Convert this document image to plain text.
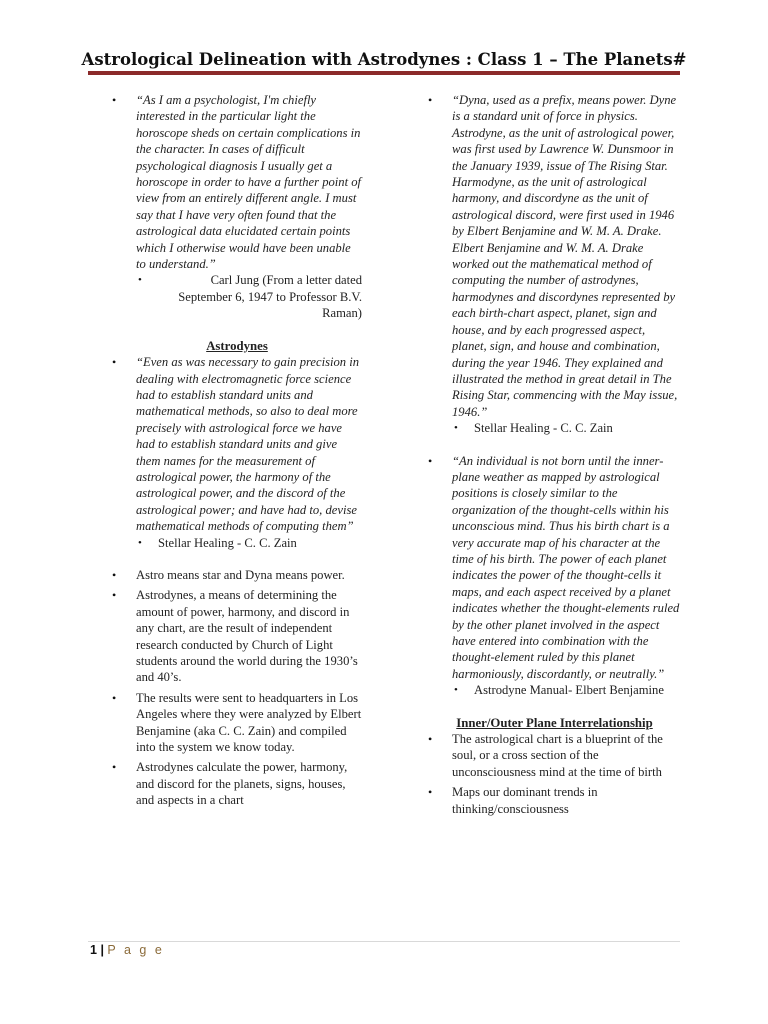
Astrological Delineation with Astrodynes : Class 1 – The Planets#
• “As I am a psychologist, I'm chiefly interested in the particular light the horoscope sheds on certain complications in the character. In cases of difficult psychological diagnosis I usually get a horoscope in order to have a further point of view from an entirely different angle. I must say that I have very often found that the astrological data elucidated certain points which I otherwise would have been unable to understand.”
• Carl Jung (From a letter dated September 6, 1947 to Professor B.V. Raman)
Astrodynes
• “Even as was necessary to gain precision in dealing with electromagnetic force science had to establish standard units and mathematical methods, so also to deal more precisely with astrological force we have had to establish standard units and give them names for the measurement of astrological power, the harmony of the astrological power, and the discord of the astrological power; and have had to, devise mathematical methods of computing them”
• Stellar Healing - C. C. Zain
• Astro means star and Dyna means power.
• Astrodynes, a means of determining the amount of power, harmony, and discord in any chart, are the result of independent research conducted by Church of Light students around the world during the 1930’s and 40’s.
• The results were sent to headquarters in Los Angeles where they were analyzed by Elbert Benjamine (aka C. C. Zain) and compiled into the system we know today.
• Astrodynes calculate the power, harmony, and discord for the planets, signs, houses, and aspects in a chart
• “Dyna, used as a prefix, means power. Dyne is a standard unit of force in physics. Astrodyne, as the unit of astrological power, was first used by Lawrence W. Dunsmoor in the January 1939, issue of The Rising Star. Harmodyne, as the unit of astrological harmony, and discordyne as the unit of astrological discord, were first used in 1946 by Elbert Benjamine and W. M. A. Drake. Elbert Benjamine and W. M. A. Drake worked out the mathematical method of computing the number of astrodynes, harmodynes and discordynes represented by each birth-chart aspect, planet, sign and house, and by each progressed aspect, planet, sign, and house and combination, during the year 1946. They explained and illustrated the method in great detail in The Rising Star, commencing with the May issue, 1946.”
• Stellar Healing - C. C. Zain
• “An individual is not born until the inner-plane weather as mapped by astrological positions is closely similar to the organization of the thought-cells within his unconscious mind. Thus his birth chart is a very accurate map of his character at the time of his birth. The power of each planet indicates the power of the thought-cells it maps, and each aspect received by a planet indicates whether the thought-elements ruled by the other planet involved in the aspect have entered into combination with the thought-element ruled by this planet harmoniously, discordantly, or neutrally.”
• Astrodyne Manual- Elbert Benjamine
Inner/Outer Plane Interrelationship
• The astrological chart is a blueprint of the soul, or a cross section of the unconsciousness mind at the time of birth
• Maps our dominant trends in thinking/consciousness
1 | P a g e
